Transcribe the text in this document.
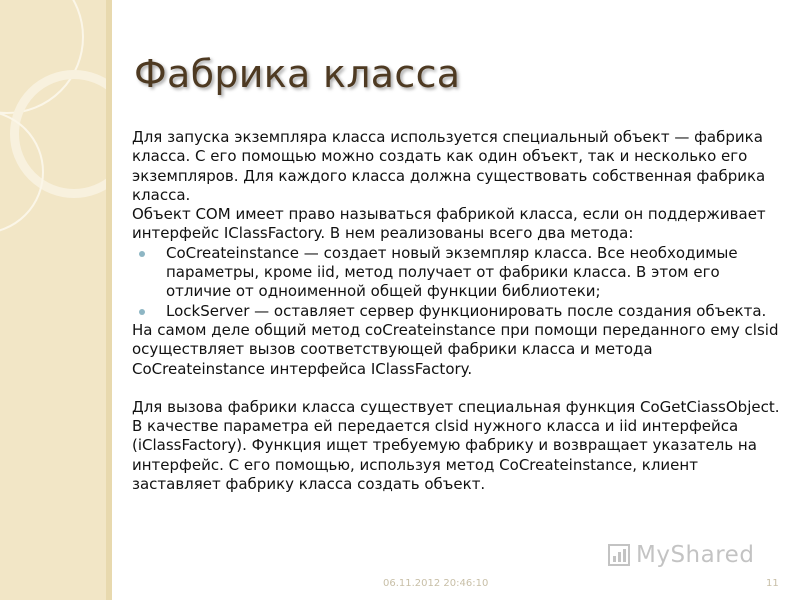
Фабрика класса

Для запуска экземпляра класса используется специальный объект — фабрика класса. С его помощью можно создать как один объект, так и несколько его экземпляров. Для каждого класса должна существовать собственная фабрика класса.

Объект COM имеет право называться фабрикой класса, если он поддерживает интерфейс IClassFactory. В нем реализованы всего два метода:

CoCreateinstance — создает новый экземпляр класса. Все необходимые параметры, кроме iid, метод получает от фабрики класса. В этом его отличие от одноименной общей функции библиотеки;
LockServer — оставляет сервер функционировать после создания объекта.

На самом деле общий метод coCreateinstance при помощи переданного ему clsid осуществляет вызов соответствующей фабрики класса и метода CoCreateinstance интерфейса IClassFactory.

Для вызова фабрики класса существует специальная функция CoGetCiassObject. В качестве параметра ей передается clsid нужного класса и iid интерфейса (iClassFactory). Функция ищет требуемую фабрику и возвращает указатель на интерфейс. С его помощью, используя метод CoCreateinstance, клиент заставляет фабрику класса создать объект.

MyShared
06.11.2012 20:46:10	11
